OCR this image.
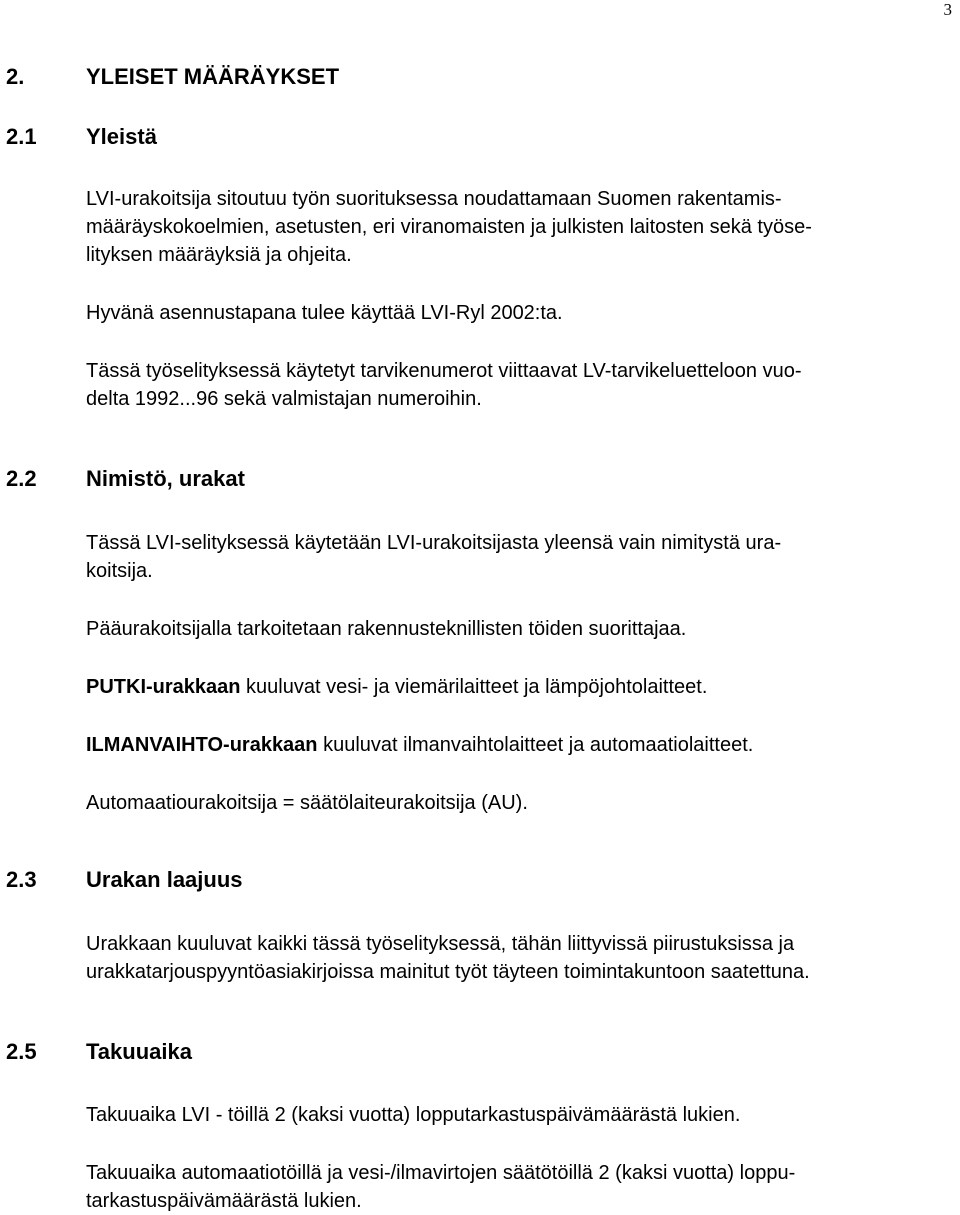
3
2.	YLEISET MÄÄRÄYKSET
2.1 Yleistä
LVI-urakoitsija sitoutuu työn suorituksessa noudattamaan Suomen rakentamis-
määräyskokoelmien, asetusten, eri viranomaisten ja julkisten laitosten sekä työse-
lityksen määräyksiä ja ohjeita.
Hyvänä asennustapana tulee käyttää LVI-Ryl 2002:ta.
Tässä työselityksessä käytetyt tarvikenumerot viittaavat LV-tarvikeluetteloon vuo-
delta 1992...96 sekä valmistajan numeroihin.
2.2 Nimistö, urakat
Tässä LVI-selityksessä käytetään LVI-urakoitsijasta yleensä vain nimitystä ura-
koitsija.
Pääurakoitsijalla tarkoitetaan rakennusteknillisten töiden suorittajaa.
PUTKI-urakkaan kuuluvat vesi- ja viemärilaitteet ja lämpöjohtolaitteet.
ILMANVAIHTO-urakkaan kuuluvat ilmanvaihtolaitteet ja automaatiolaitteet.
Automaatiourakoitsija = säätölaiteurakoitsija (AU).
2.3 Urakan laajuus
Urakkaan kuuluvat kaikki tässä työselityksessä, tähän liittyvissä piirustuksissa ja
urakkatarjouspyyntöasiakirjoissa mainitut työt täyteen toimintakuntoon saatettuna.
2.5 Takuuaika
Takuuaika LVI - töillä 2 (kaksi vuotta) lopputarkastuspäivämäärästä lukien.
Takuuaika automaatiotöillä ja vesi-/ilmavirtojen säätötöillä 2 (kaksi vuotta) loppu-
tarkastuspäivämäärästä lukien.
